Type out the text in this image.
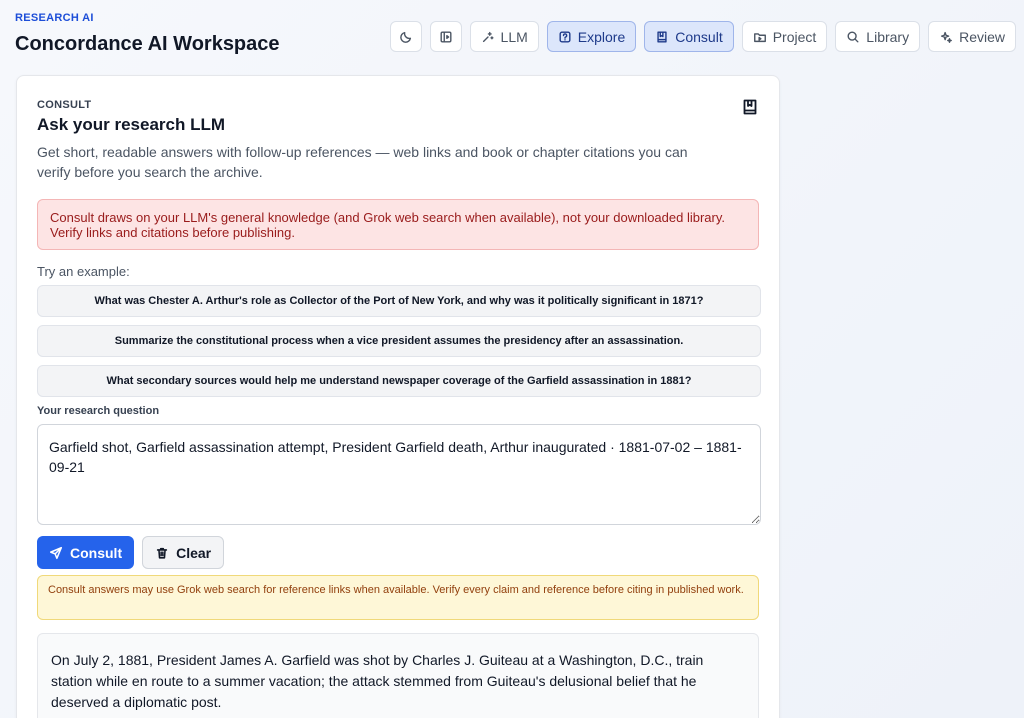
RESEARCH AI
Concordance AI Workspace	LLM	Explore	Consult	Project	Library	Review
CONSULT
Ask your research LLM
Get short, readable answers with follow-up references — web links and book or chapter citations you can verify before you search the archive.
Consult draws on your LLM's general knowledge (and Grok web search when available), not your downloaded library. Verify links and citations before publishing.
Try an example:
What was Chester A. Arthur's role as Collector of the Port of New York, and why was it politically significant in 1871?
Summarize the constitutional process when a vice president assumes the presidency after an assassination.
What secondary sources would help me understand newspaper coverage of the Garfield assassination in 1881?
Your research question
Garfield shot, Garfield assassination attempt, President Garfield death, Arthur inaugurated · 1881-07-02 – 1881-09-21
Consult	Clear
Consult answers may use Grok web search for reference links when available. Verify every claim and reference before citing in published work.
On July 2, 1881, President James A. Garfield was shot by Charles J. Guiteau at a Washington, D.C., train station while en route to a summer vacation; the attack stemmed from Guiteau's delusional belief that he deserved a diplomatic post.
